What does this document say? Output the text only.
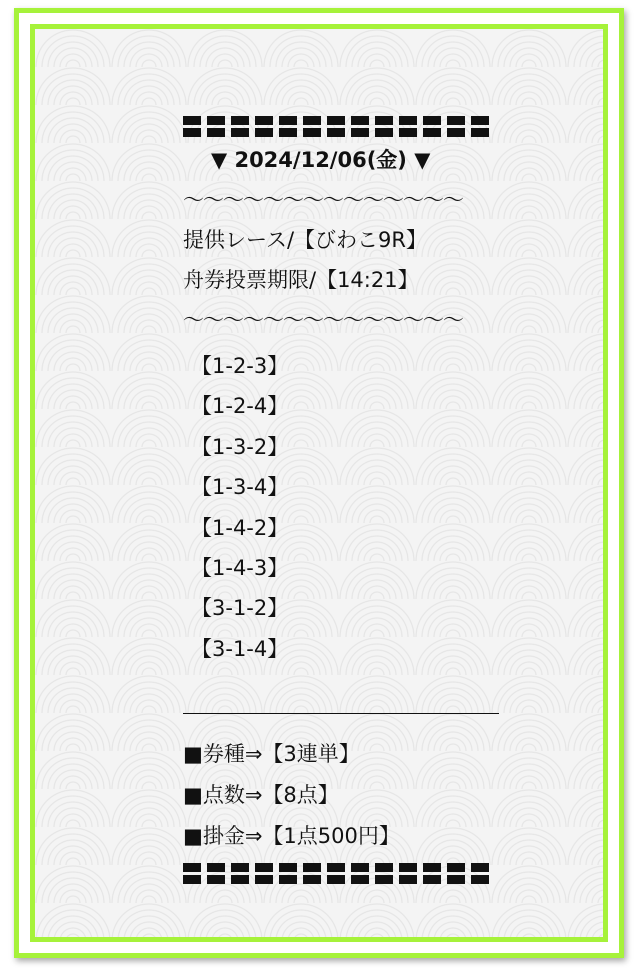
▼ 2024/12/06(金) ▼
～～～～～～～～～～～～～～
提供レース/【びわこ9R】
舟券投票期限/【14:21】
～～～～～～～～～～～～～～
【1-2-3】
【1-2-4】
【1-3-2】
【1-3-4】
【1-4-2】
【1-4-3】
【3-1-2】
【3-1-4】
■券種⇒【3連単】
■点数⇒【8点】
■掛金⇒【1点500円】
